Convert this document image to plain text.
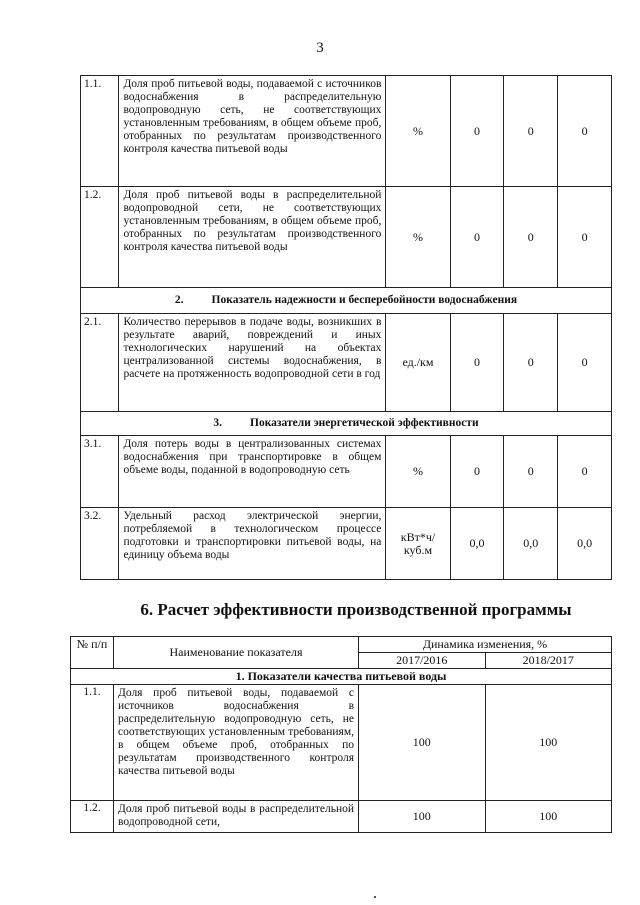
3
1.1.	Доля проб питьевой воды, подаваемой с источников водоснабжения в распределительную водопроводную сеть, не соответствующих установленным требованиям, в общем объеме проб, отобранных по результатам производственного контроля качества питьевой воды	%	0	0	0
1.2.	Доля проб питьевой воды в распределительной водопроводной сети, не соответствующих установленным требованиям, в общем объеме проб, отобранных по результатам производственного контроля качества питьевой воды	%	0	0	0
2. Показатель надежности и бесперебойности водоснабжения					
2.1.	Количество перерывов в подаче воды, возникших в результате аварий, повреждений и иных технологических нарушений на объектах централизованной системы водоснабжения, в расчете на протяженность водопроводной сети в год	ед./км	0	0	0
3. Показатели энергетической эффективности					
3.1.	Доля потерь воды в централизованных системах водоснабжения при транспортировке в общем объеме воды, поданной в водопроводную сеть	%	0	0	0
3.2.	Удельный расход электрической энергии, потребляемой в технологическом процессе подготовки и транспортировки питьевой воды, на единицу объема воды	кВт*ч/ куб.м	0,0	0,0	0,0
6. Расчет эффективности производственной программы
№ п/п	Наименование показателя	Динамика изменения, %	
		2017/2016	2018/2017
1. Показатели качества питьевой воды			
1.1.	Доля проб питьевой воды, подаваемой с источников водоснабжения в распределительную водопроводную сеть, не соответствующих установленным требованиям, в общем объеме проб, отобранных по результатам производственного контроля качества питьевой воды	100	100
1.2.	Доля проб питьевой воды в распределительной водопроводной сети,	100	100
